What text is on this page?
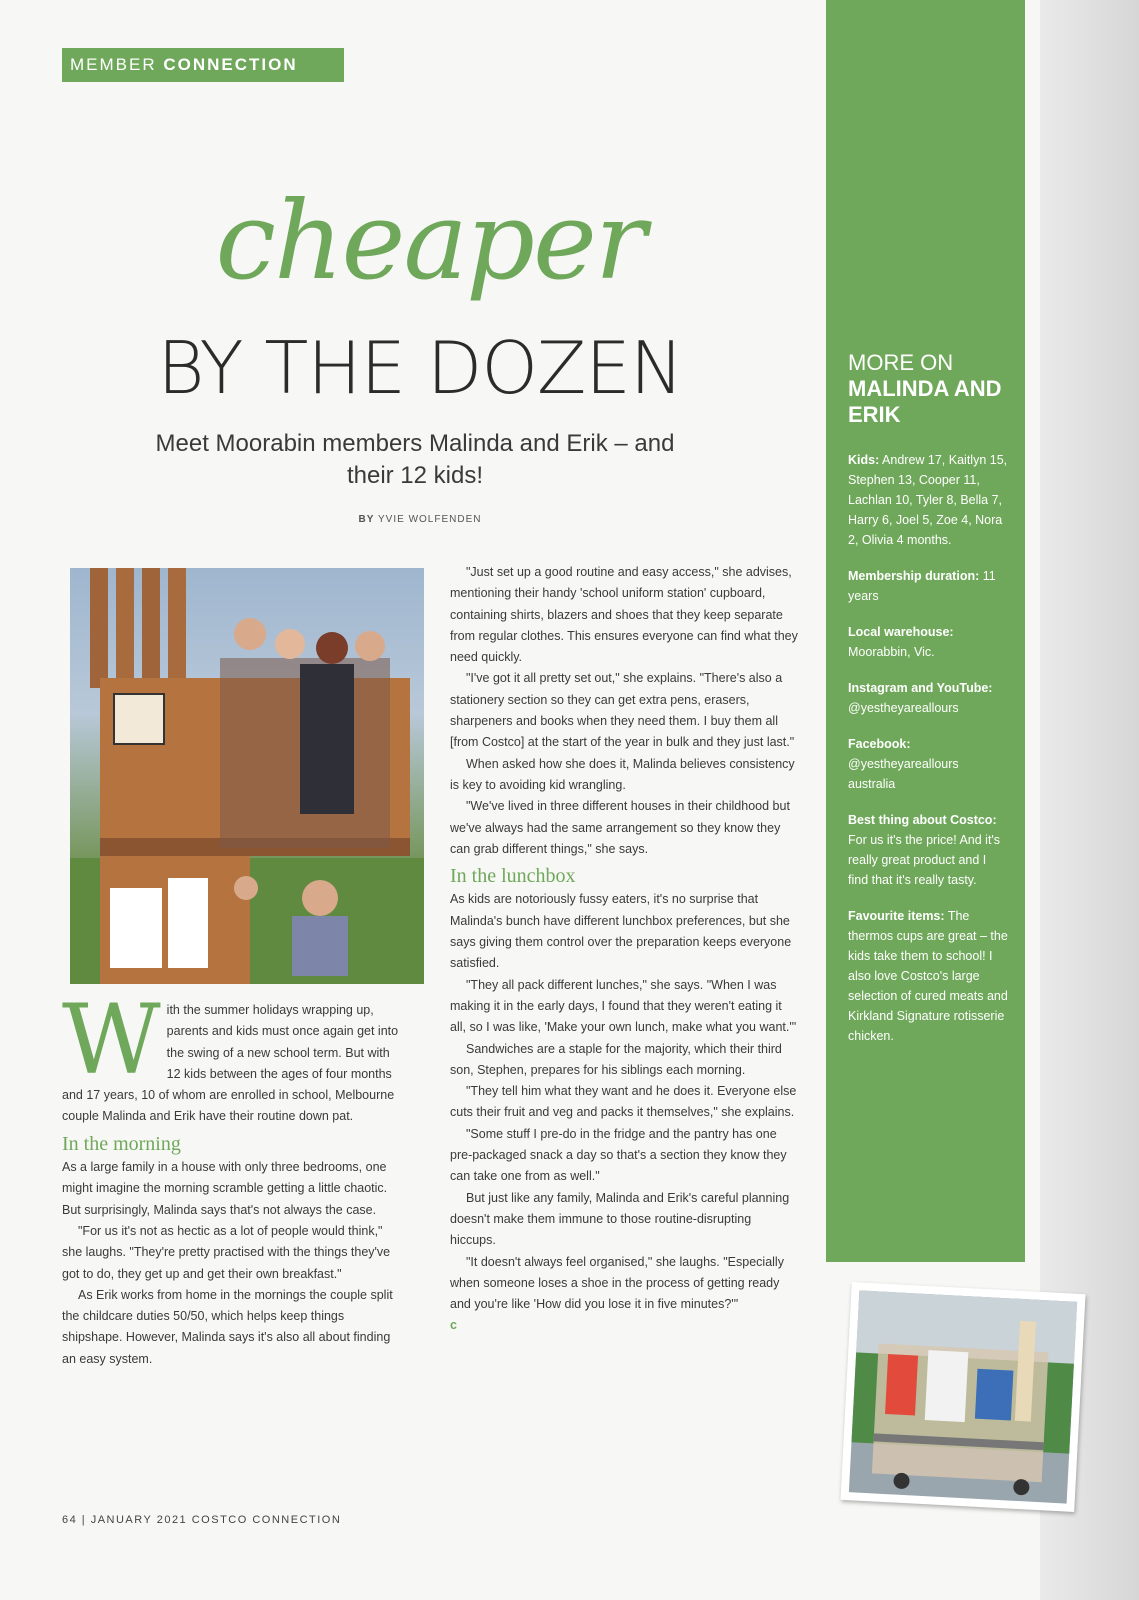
MEMBER CONNECTION
cheaper
BY THE DOZEN
Meet Moorabin members Malinda and Erik – and their 12 kids!
BY YVIE WOLFENDEN
W ith the summer holidays wrapping up, parents and kids must once again get into the swing of a new school term. But with 12 kids between the ages of four months and 17 years, 10 of whom are enrolled in school, Melbourne couple Malinda and Erik have their routine down pat.

In the morning

As a large family in a house with only three bedrooms, one might imagine the morning scramble getting a little chaotic. But surprisingly, Malinda says that's not always the case.

"For us it's not as hectic as a lot of people would think," she laughs. "They're pretty practised with the things they've got to do, they get up and get their own breakfast."

As Erik works from home in the mornings the couple split the childcare duties 50/50, which helps keep things shipshape. However, Malinda says it's also all about finding an easy system.

"Just set up a good routine and easy access," she advises, mentioning their handy 'school uniform station' cupboard, containing shirts, blazers and shoes that they keep separate from regular clothes. This ensures everyone can find what they need quickly.

"I've got it all pretty set out," she explains. "There's also a stationery section so they can get extra pens, erasers, sharpeners and books when they need them. I buy them all [from Costco] at the start of the year in bulk and they just last."

When asked how she does it, Malinda believes consistency is key to avoiding kid wrangling.

"We've lived in three different houses in their childhood but we've always had the same arrangement so they know they can grab different things," she says.

In the lunchbox

As kids are notoriously fussy eaters, it's no surprise that Malinda's bunch have different lunchbox preferences, but she says giving them control over the preparation keeps everyone satisfied.

"They all pack different lunches," she says. "When I was making it in the early days, I found that they weren't eating it all, so I was like, 'Make your own lunch, make what you want.'"

Sandwiches are a staple for the majority, which their third son, Stephen, prepares for his siblings each morning.

"They tell him what they want and he does it. Everyone else cuts their fruit and veg and packs it themselves," she explains.

"Some stuff I pre-do in the fridge and the pantry has one pre-packaged snack a day so that's a section they know they can take one from as well."

But just like any family, Malinda and Erik's careful planning doesn't make them immune to those routine-disrupting hiccups.

"It doesn't always feel organised," she laughs. "Especially when someone loses a shoe in the process of getting ready and you're like 'How did you lose it in five minutes?'"

c
MORE ON
MALINDA AND ERIK
Kids: Andrew 17, Kaitlyn 15, Stephen 13, Cooper 11, Lachlan 10, Tyler 8, Bella 7, Harry 6, Joel 5, Zoe 4, Nora 2, Olivia 4 months.
Membership duration: 11 years
Local warehouse: Moorabbin, Vic.
Instagram and YouTube: @yestheyareallours
Facebook: @yestheyareallours australia
Best thing about Costco: For us it's the price! And it's really great product and I find that it's really tasty.
Favourite items: The thermos cups are great – the kids take them to school! I also love Costco's large selection of cured meats and Kirkland Signature rotisserie chicken.
64 | JANUARY 2021 COSTCO CONNECTION
